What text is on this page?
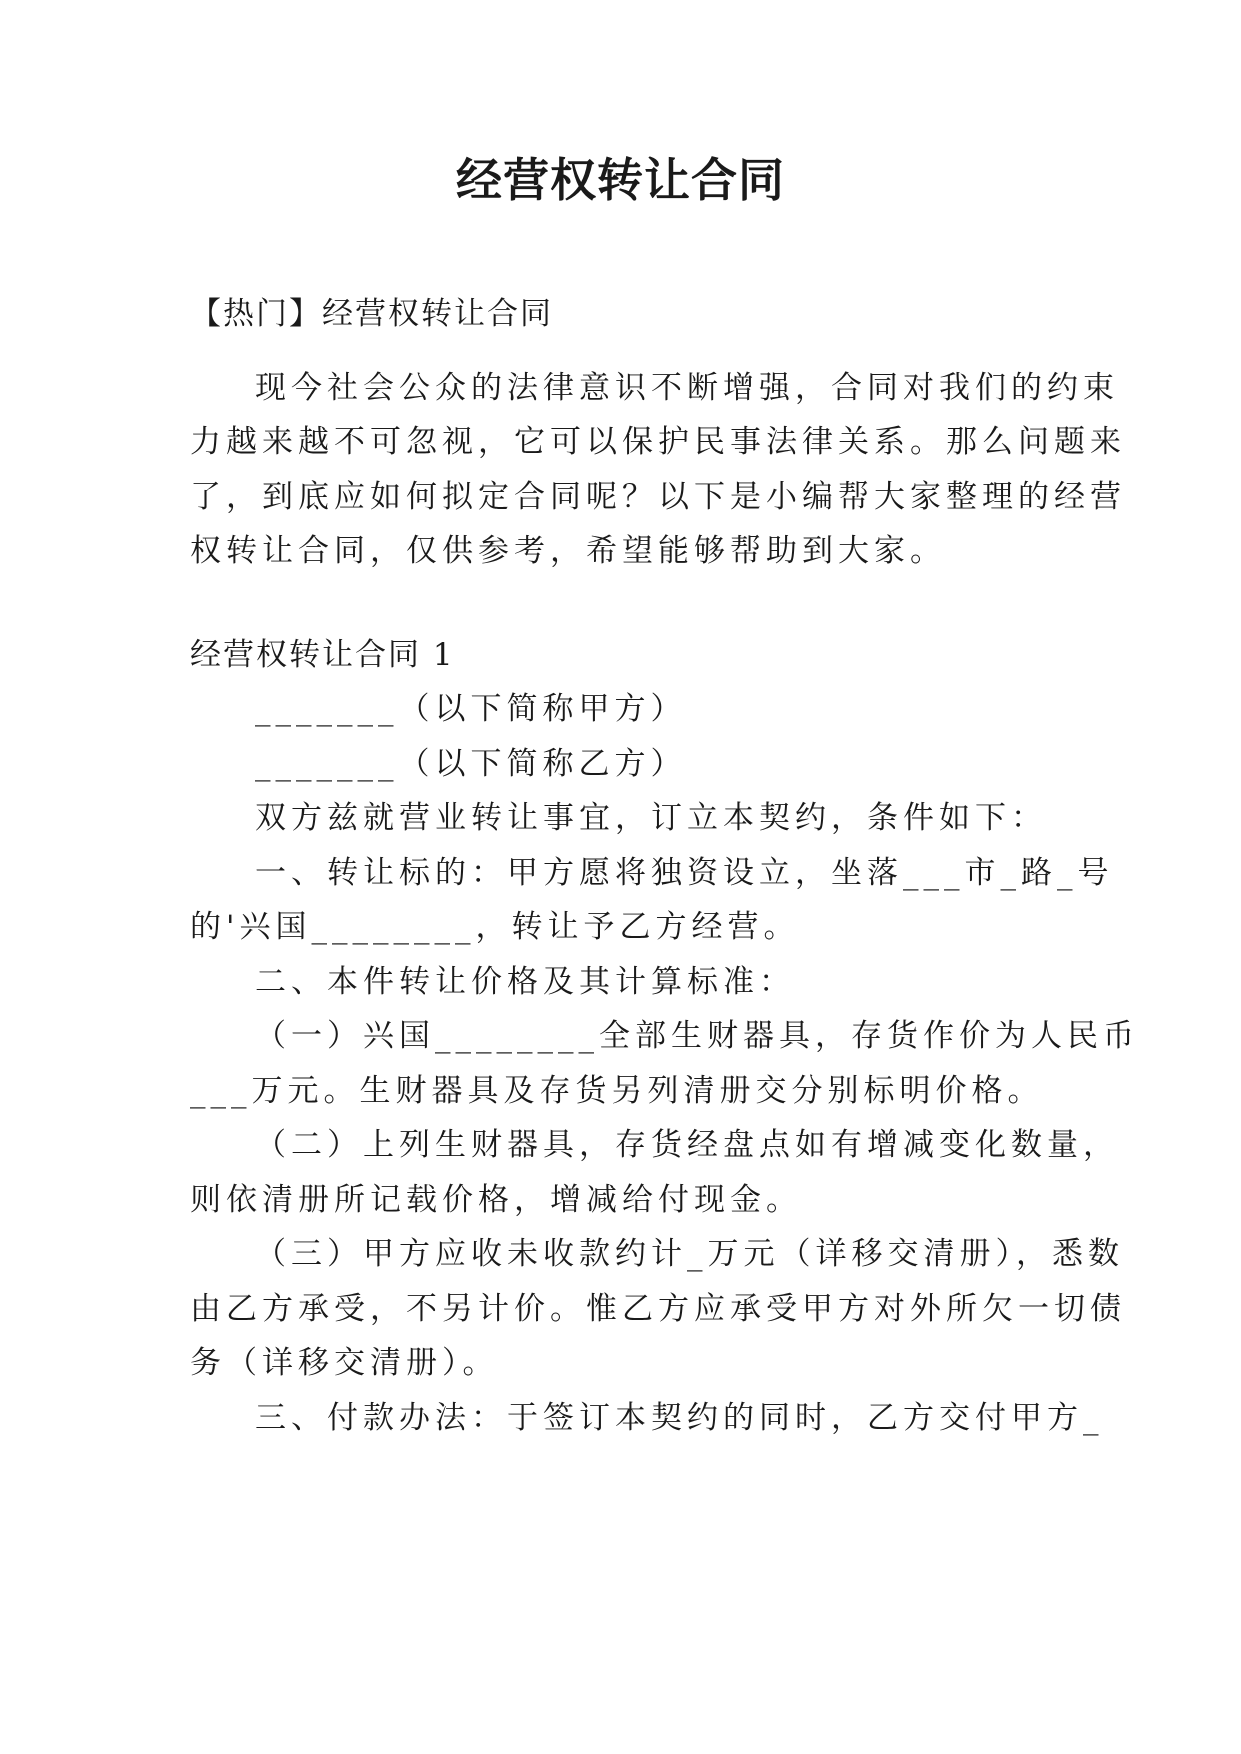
经营权转让合同
【热门】经营权转让合同
现今社会公众的法律意识不断增强，合同对我们的约束
力越来越不可忽视，它可以保护民事法律关系。那么问题来
了，到底应如何拟定合同呢？以下是小编帮大家整理的经营
权转让合同，仅供参考，希望能够帮助到大家。
经营权转让合同 1
_______（以下简称甲方）
_______（以下简称乙方）
双方兹就营业转让事宜，订立本契约，条件如下：
一、转让标的：甲方愿将独资设立，坐落___市_路_号
的'兴国________，转让予乙方经营。
二、本件转让价格及其计算标准：
（一）兴国________全部生财器具，存货作价为人民币
___万元。生财器具及存货另列清册交分别标明价格。
（二）上列生财器具，存货经盘点如有增减变化数量，
则依清册所记载价格，增减给付现金。
（三）甲方应收未收款约计_万元（详移交清册），悉数
由乙方承受，不另计价。惟乙方应承受甲方对外所欠一切债
务（详移交清册）。
三、付款办法：于签订本契约的同时，乙方交付甲方_
